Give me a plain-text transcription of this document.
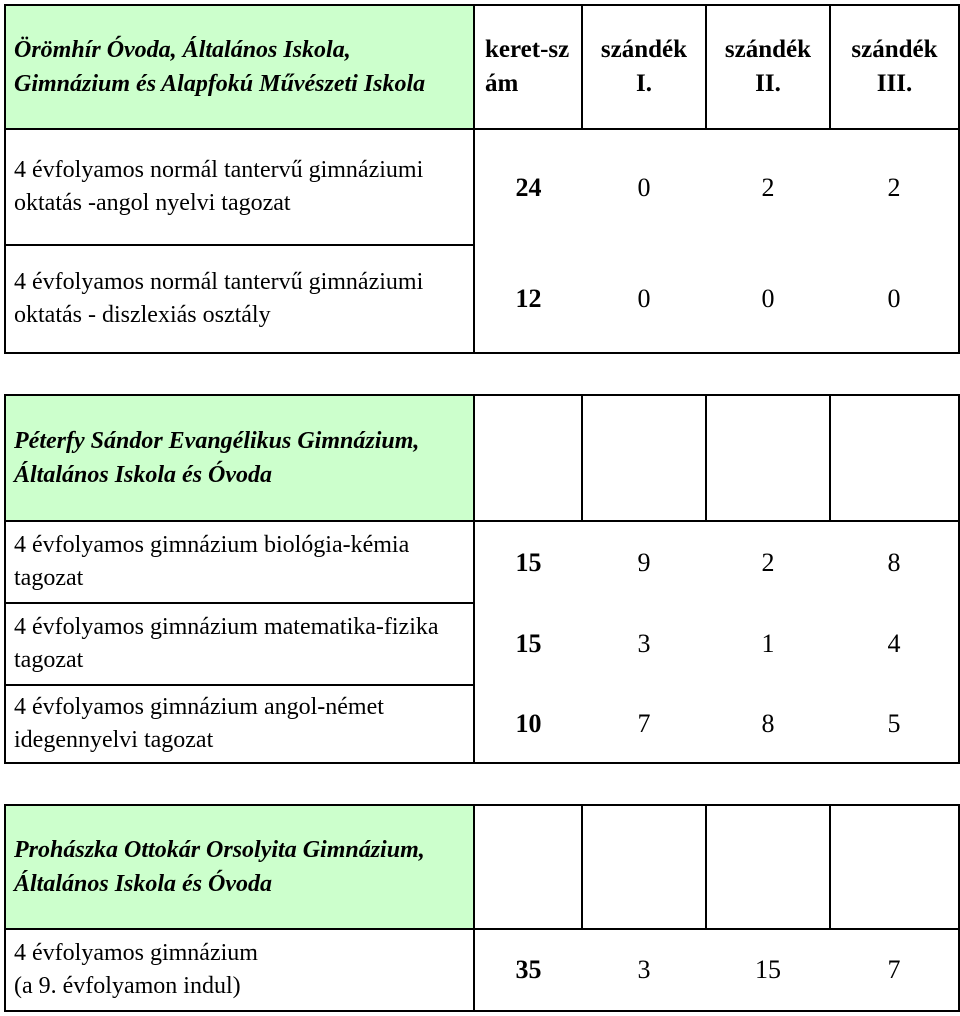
Örömhír Óvoda, Általános Iskola, Gimnázium és Alapfokú Művészeti Iskola	keret-szám	szándék I.	szándék II.	szándék III.

4 évfolyamos normál tantervű gimnáziumi oktatás -angol nyelvi tagozat	24	0	2	2
4 évfolyamos normál tantervű gimnáziumi oktatás - diszlexiás osztály	12	0	0	0
Péterfy Sándor Evangélikus Gimnázium, Általános Iskola és Óvoda				
4 évfolyamos gimnázium biológia-kémia tagozat	15	9	2	8
4 évfolyamos gimnázium matematika-fizika tagozat	15	3	1	4
4 évfolyamos gimnázium angol-német idegennyelvi tagozat	10	7	8	5
Prohászka Ottokár Orsolyita Gimnázium, Általános Iskola és Óvoda				

4 évfolyamos gimnázium
(a 9. évfolyamon indul)	35	3	15	7
